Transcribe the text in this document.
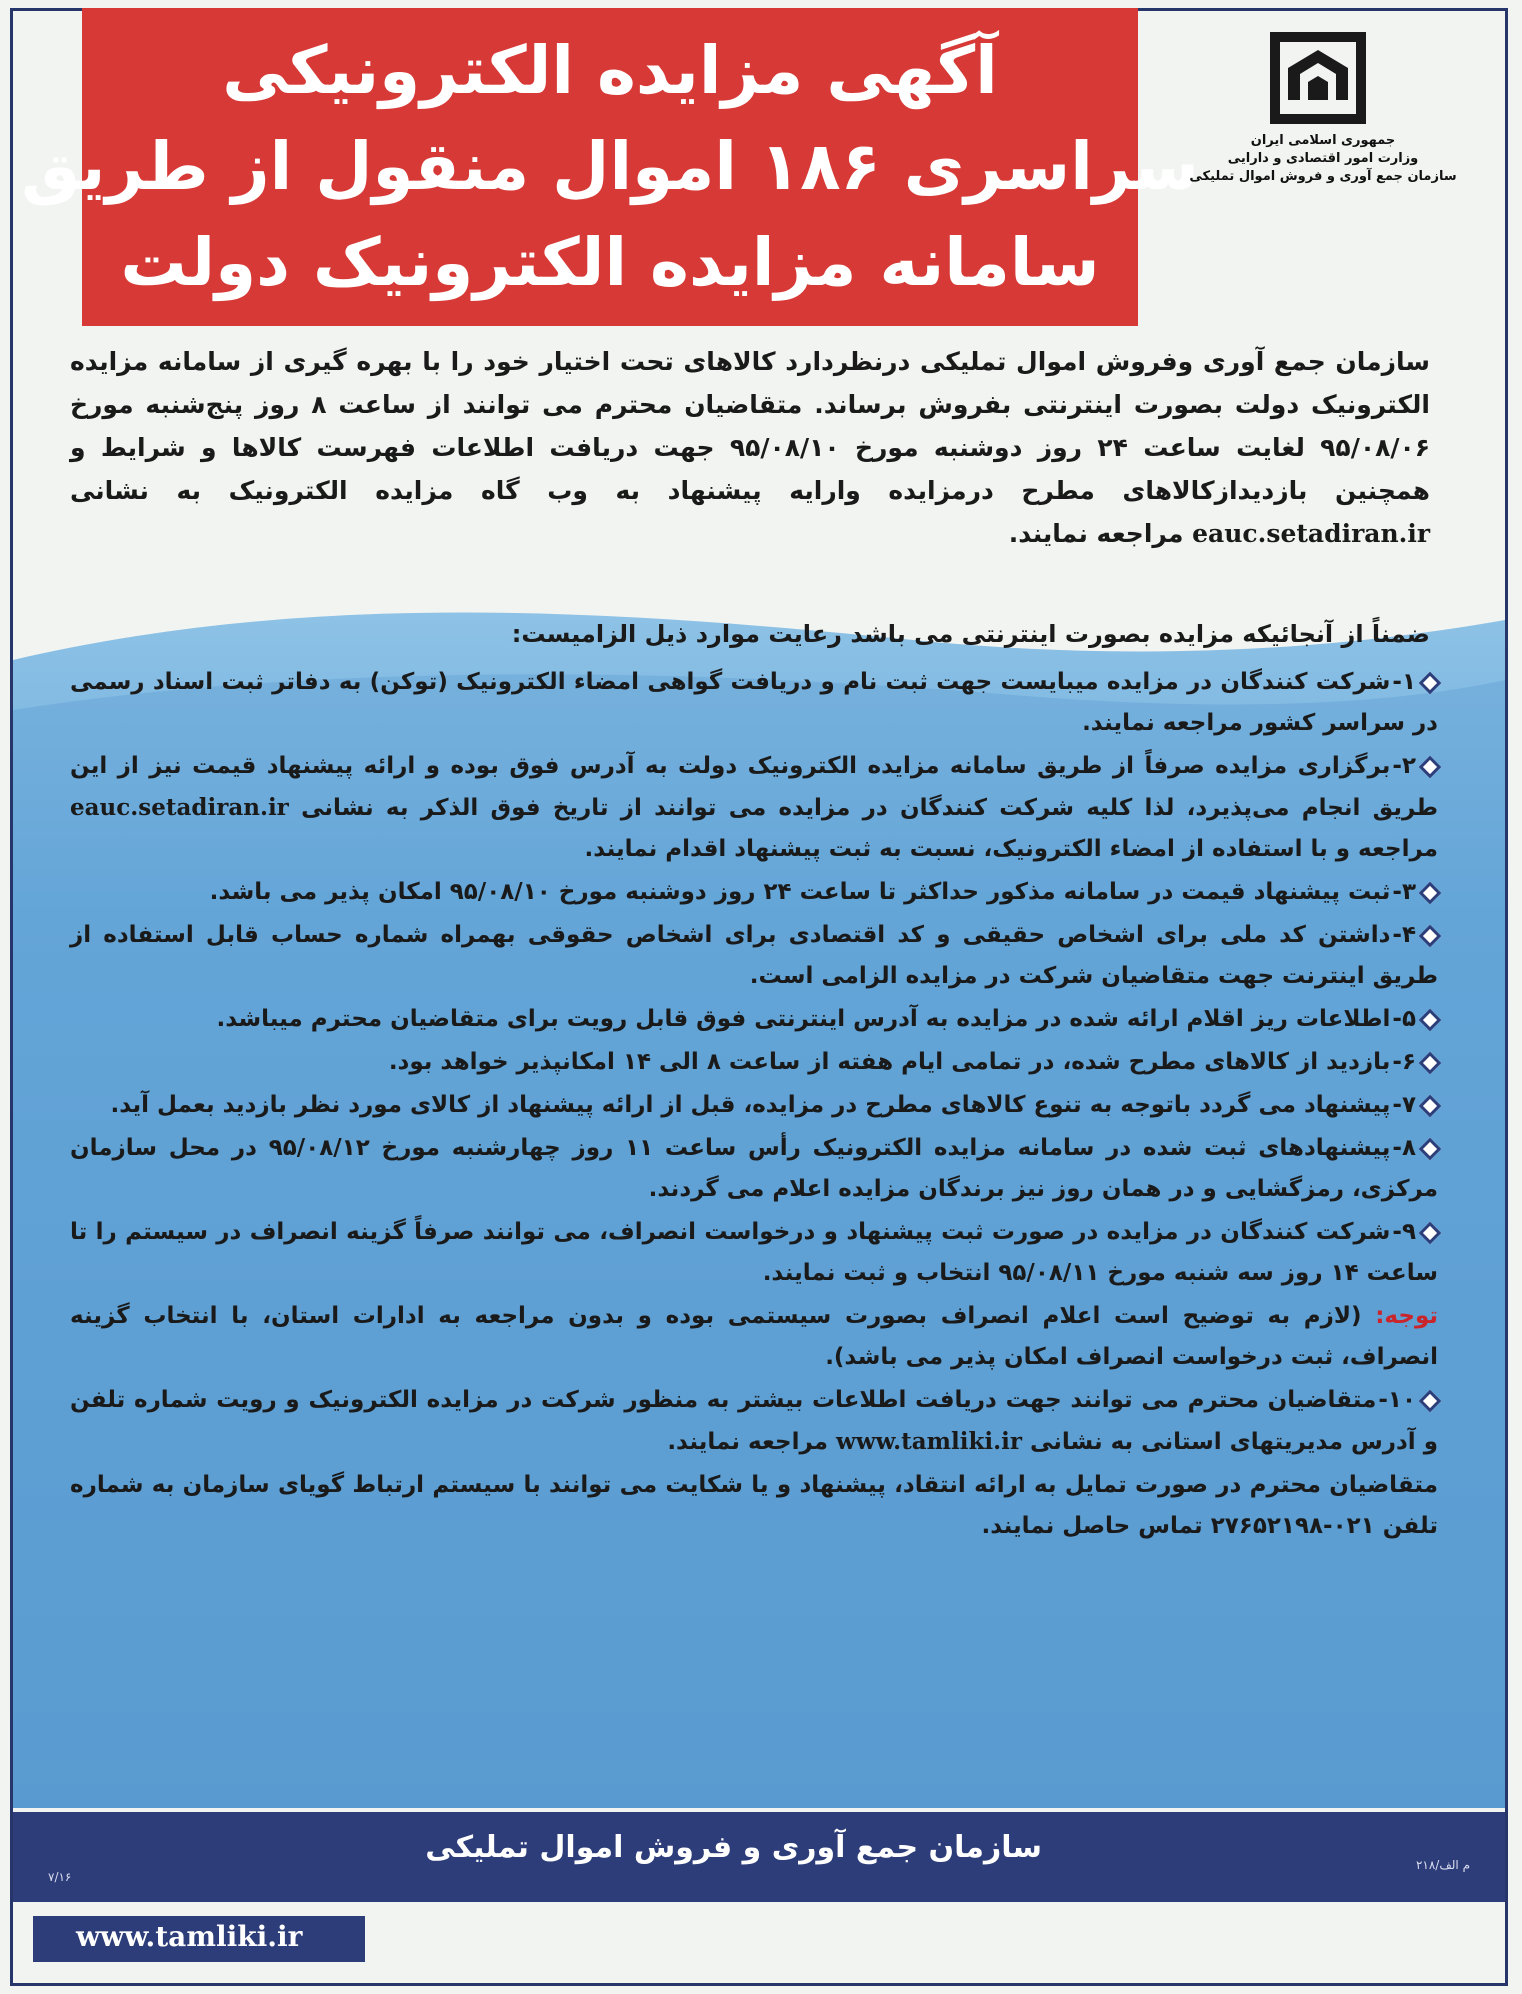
آگهی مزایده الکترونیکی
سراسری ۱۸۶ اموال منقول از طریق
سامانه مزایده الکترونیک دولت
جمهوری اسلامی ایران
وزارت امور اقتصادی و دارایی
سازمان جمع آوری و فروش اموال تملیکی
سازمان جمع آوری وفروش اموال تملیکی درنظردارد کالاهای تحت اختیار خود را با بهره گیری از سامانه مزایده الکترونیک دولت بصورت اینترنتی بفروش برساند. متقاضیان محترم می توانند از ساعت ۸ روز پنج‌شنبه مورخ ۹۵/۰۸/۰۶ لغایت ساعت ۲۴ روز دوشنبه مورخ ۹۵/۰۸/۱۰ جهت دریافت اطلاعات فهرست کالاها و شرایط و همچنین بازدیدازکالاهای مطرح درمزایده وارایه پیشنهاد به وب گاه مزایده الکترونیک به نشانی eauc.setadiran.ir مراجعه نمایند.
ضمناً از آنجائیکه مزایده بصورت اینترنتی می باشد رعایت موارد ذیل الزامیست:
۱-شرکت کنندگان در مزایده میبایست جهت ثبت نام و دریافت گواهی امضاء الکترونیک (توکن) به دفاتر ثبت اسناد رسمی در سراسر کشور مراجعه نمایند.
۲-برگزاری مزایده صرفاً از طریق سامانه مزایده الکترونیک دولت به آدرس فوق بوده و ارائه پیشنهاد قیمت نیز از این طریق انجام می‌پذیرد، لذا کلیه شرکت کنندگان در مزایده می توانند از تاریخ فوق الذکر به نشانی eauc.setadiran.ir مراجعه و با استفاده از امضاء الکترونیک، نسبت به ثبت پیشنهاد اقدام نمایند.
۳-ثبت پیشنهاد قیمت در سامانه مذکور حداکثر تا ساعت ۲۴ روز دوشنبه مورخ ۹۵/۰۸/۱۰ امکان پذیر می باشد.
۴-داشتن کد ملی برای اشخاص حقیقی و کد اقتصادی برای اشخاص حقوقی بهمراه شماره حساب قابل استفاده از طریق اینترنت جهت متقاضیان شرکت در مزایده الزامی است.
۵-اطلاعات ریز اقلام ارائه شده در مزایده به آدرس اینترنتی فوق قابل رویت برای متقاضیان محترم میباشد.
۶-بازدید از کالاهای مطرح شده، در تمامی ایام هفته از ساعت ۸ الی ۱۴ امکانپذیر خواهد بود.
۷-پیشنهاد می گردد باتوجه به تنوع کالاهای مطرح در مزایده، قبل از ارائه پیشنهاد از کالای مورد نظر بازدید بعمل آید.
۸-پیشنهادهای ثبت شده در سامانه مزایده الکترونیک رأس ساعت ۱۱ روز چهارشنبه مورخ ۹۵/۰۸/۱۲ در محل سازمان مرکزی، رمزگشایی و در همان روز نیز برندگان مزایده اعلام می گردند.
۹-شرکت کنندگان در مزایده در صورت ثبت پیشنهاد و درخواست انصراف، می توانند صرفاً گزینه انصراف در سیستم را تا ساعت ۱۴ روز سه شنبه مورخ ۹۵/۰۸/۱۱ انتخاب و ثبت نمایند.
توجه: (لازم به توضیح است اعلام انصراف بصورت سیستمی بوده و بدون مراجعه به ادارات استان، با انتخاب گزینه انصراف، ثبت درخواست انصراف امکان پذیر می باشد).
۱۰-متقاضیان محترم می توانند جهت دریافت اطلاعات بیشتر به منظور شرکت در مزایده الکترونیک و رویت شماره تلفن و آدرس مدیریتهای استانی به نشانی www.tamliki.ir مراجعه نمایند.
متقاضیان محترم در صورت تمایل به ارائه انتقاد، پیشنهاد و یا شکایت می توانند با سیستم ارتباط گویای سازمان به شماره تلفن ۰۲۱-۲۷۶۵۲۱۹۸ تماس حاصل نمایند.
سازمان جمع آوری و فروش اموال تملیکی	م الف/۲۱۸
۷/۱۶
www.tamliki.ir
